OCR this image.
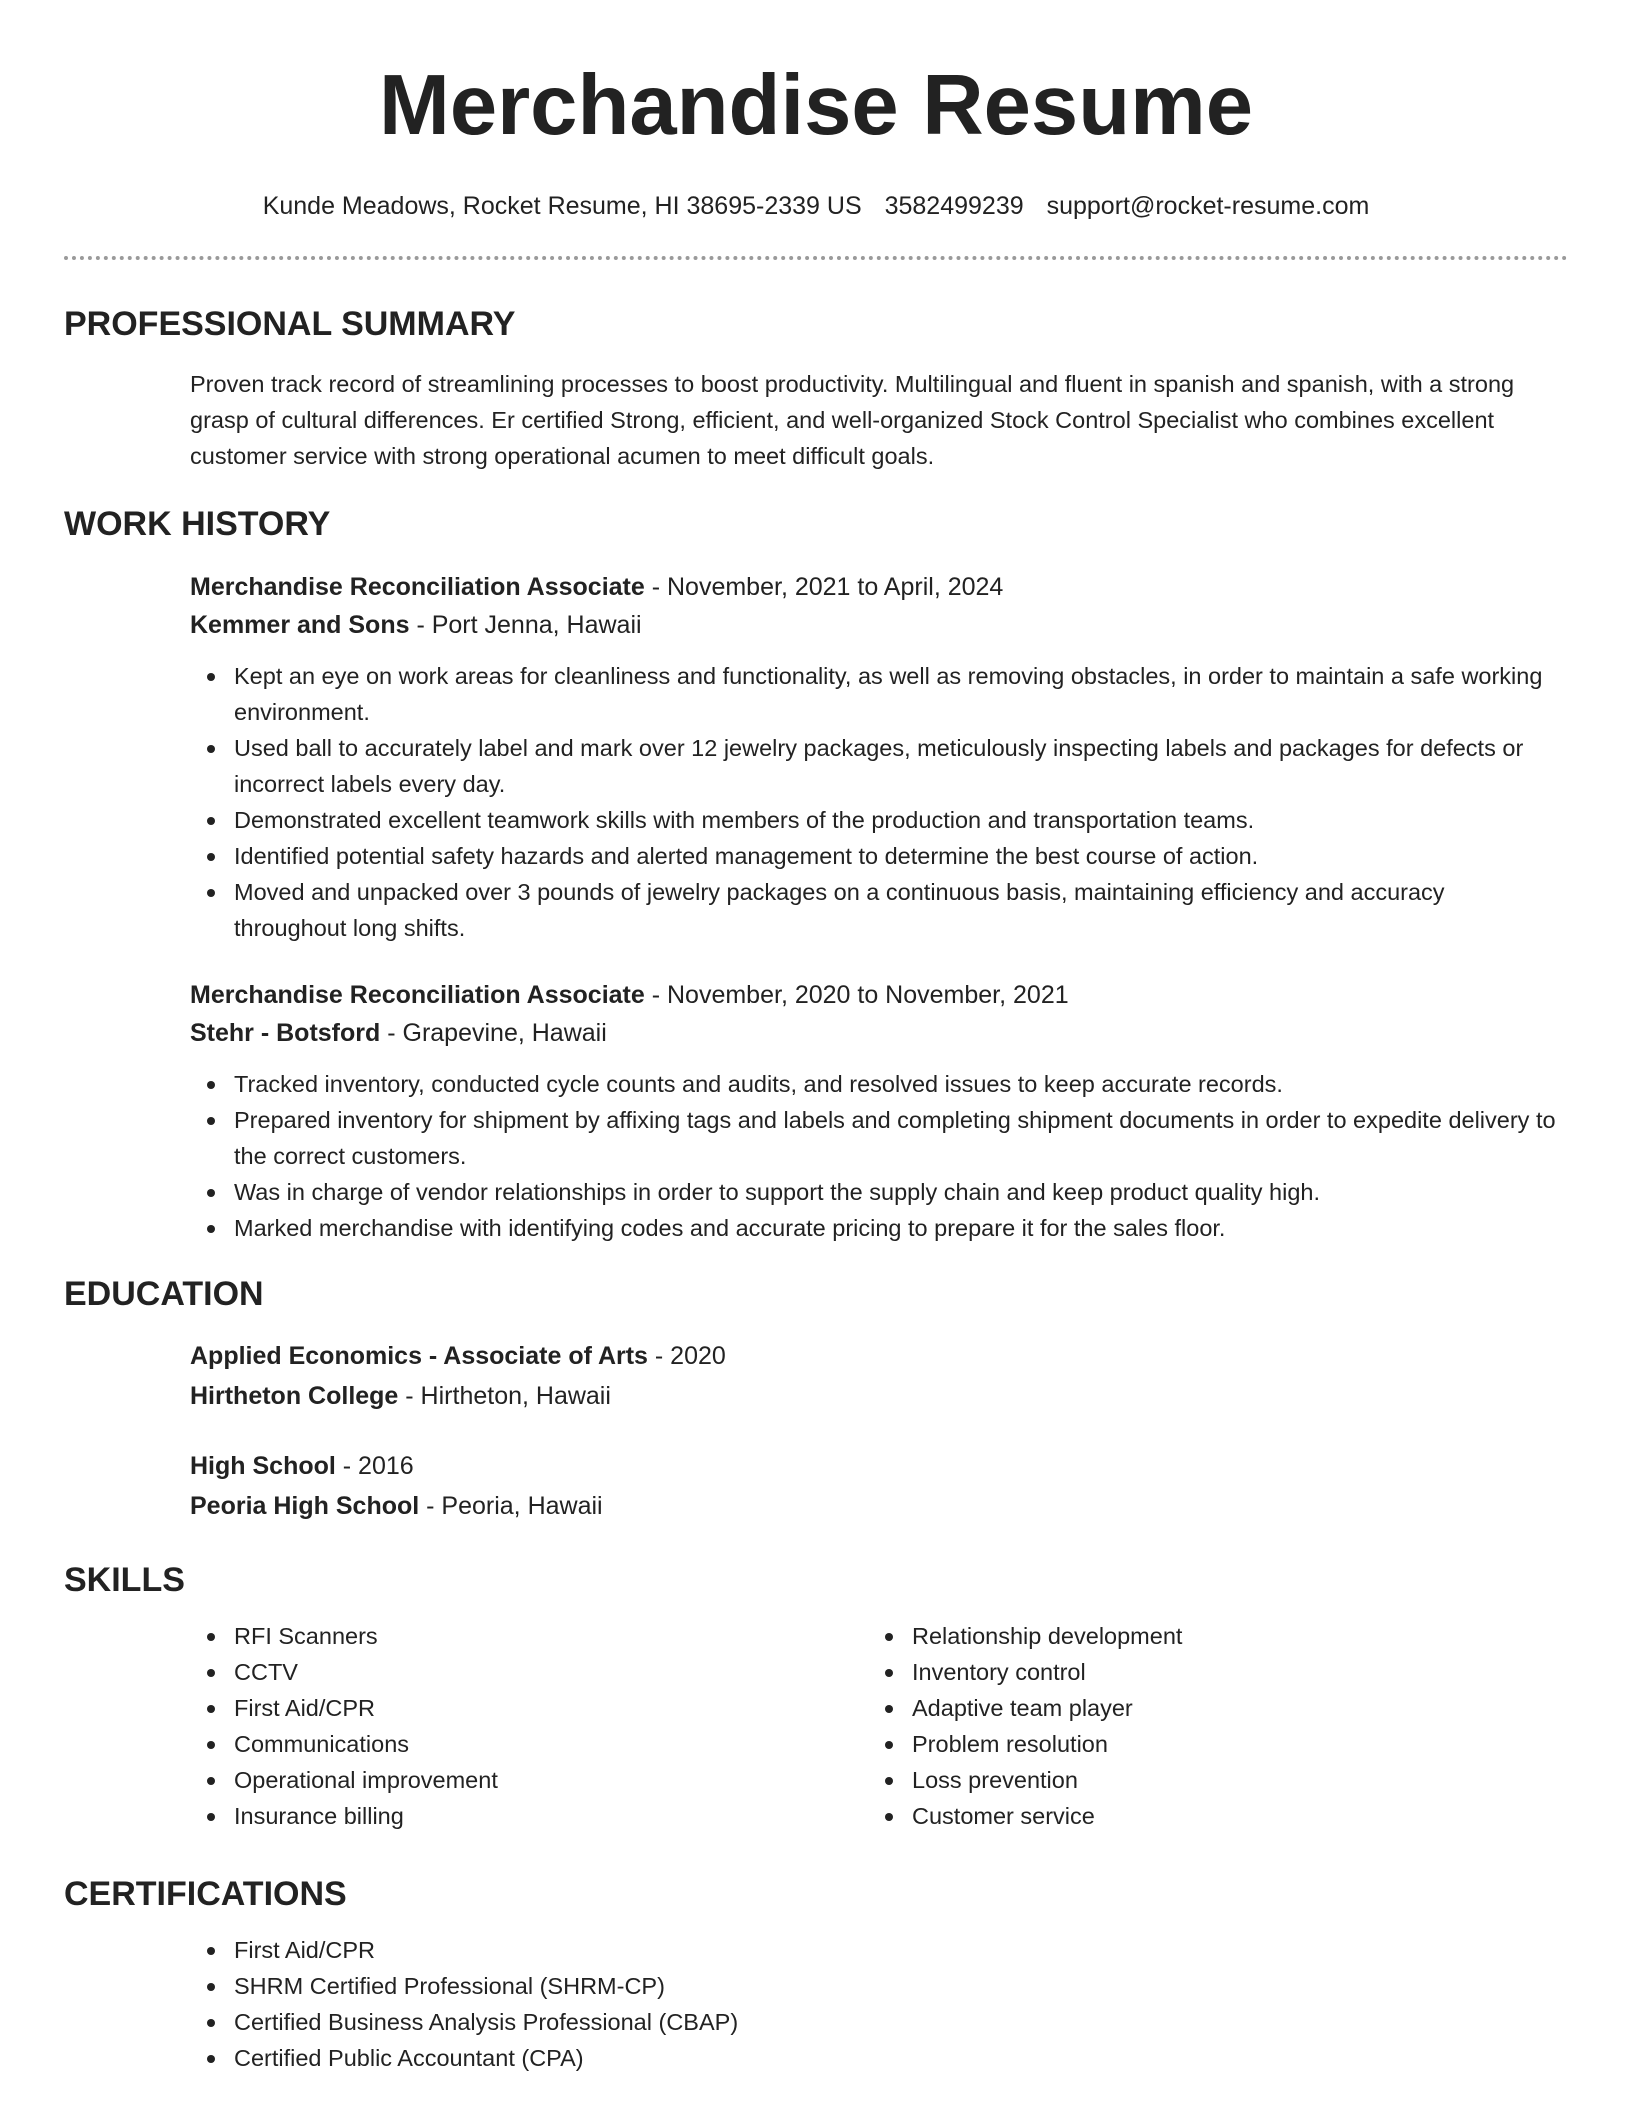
Merchandise Resume
Kunde Meadows, Rocket Resume, HI 38695-2339 US 3582499239 support@rocket-resume.com
PROFESSIONAL SUMMARY

Proven track record of streamlining processes to boost productivity. Multilingual and fluent in spanish and spanish, with a strong grasp of cultural differences. Er certified Strong, efficient, and well-organized Stock Control Specialist who combines excellent customer service with strong operational acumen to meet difficult goals.

WORK HISTORY
Merchandise Reconciliation Associate - November, 2021 to April, 2024
Kemmer and Sons - Port Jenna, Hawaii
Kept an eye on work areas for cleanliness and functionality, as well as removing obstacles, in order to maintain a safe working environment.
Used ball to accurately label and mark over 12 jewelry packages, meticulously inspecting labels and packages for defects or incorrect labels every day.
Demonstrated excellent teamwork skills with members of the production and transportation teams.
Identified potential safety hazards and alerted management to determine the best course of action.
Moved and unpacked over 3 pounds of jewelry packages on a continuous basis, maintaining efficiency and accuracy throughout long shifts.
Merchandise Reconciliation Associate - November, 2020 to November, 2021
Stehr - Botsford - Grapevine, Hawaii
Tracked inventory, conducted cycle counts and audits, and resolved issues to keep accurate records.
Prepared inventory for shipment by affixing tags and labels and completing shipment documents in order to expedite delivery to the correct customers.
Was in charge of vendor relationships in order to support the supply chain and keep product quality high.
Marked merchandise with identifying codes and accurate pricing to prepare it for the sales floor.
EDUCATION
Applied Economics - Associate of Arts - 2020
Hirtheton College - Hirtheton, Hawaii
High School - 2016
Peoria High School - Peoria, Hawaii
SKILLS
RFI Scanners
CCTV
First Aid/CPR
Communications
Operational improvement
Insurance billing
Relationship development
Inventory control
Adaptive team player
Problem resolution
Loss prevention
Customer service
CERTIFICATIONS
First Aid/CPR
SHRM Certified Professional (SHRM-CP)
Certified Business Analysis Professional (CBAP)
Certified Public Accountant (CPA)
